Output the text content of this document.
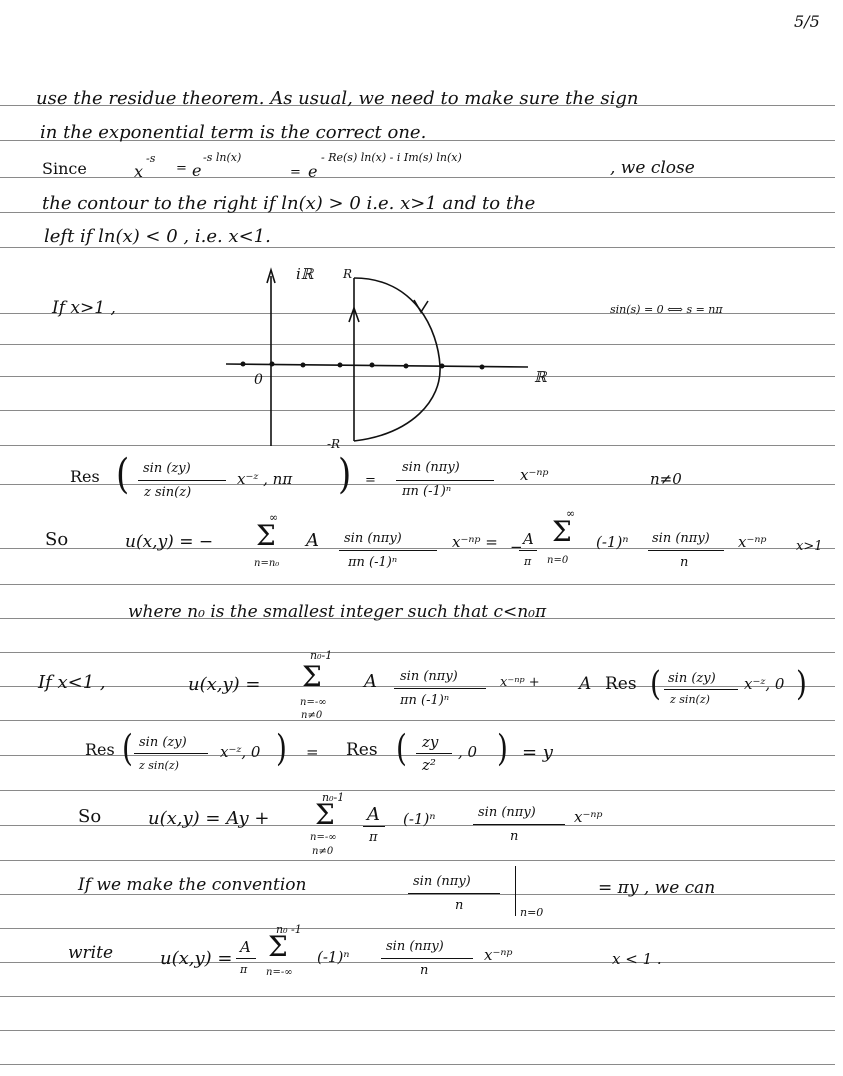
5/5
use the residue theorem. As usual, we need to make sure the sign
in the exponential term is the correct one.
Since	x
-s
= e
-s ln(x)
= e
- Re(s) ln(x) - i Im(s) ln(x)
, we close
the contour to the right if ln(x) > 0 i.e. x>1 and to the
left if ln(x) < 0 , i.e. x<1.
If x>1 ,	sin(s) = 0 ⟺ s = nπ
iℝ
ℝ
0
R
-R
Res ( sin (zy)
z sin(z)
x⁻ᶻ , nπ ) =
sin (nπy)
πn (-1)ⁿ
x⁻ⁿᵖ	n≠0
So	u(x,y) = −
∞
Σ
n=n₀
A sin (nπy)
πn (-1)ⁿ
x⁻ⁿᵖ = − A
π
∞
Σ
n=0
(-1)ⁿ sin (nπy)
n
x⁻ⁿᵖ x>1
where n₀ is the smallest integer such that c<n₀π
If x<1 ,	u(x,y) =
n₀-1
Σ
n=-∞
n≠0
A sin (nπy)
πn (-1)ⁿ
x⁻ⁿᵖ + A Res ( sin (zy)
z sin(z)
x⁻ᶻ, 0 )
Res ( sin (zy)
z sin(z)
x⁻ᶻ, 0 ) = Res ( zy
z²
, 0 ) = y
So	u(x,y) = Ay +
n₀-1
Σ
n=-∞
n≠0
A
π
(-1)ⁿ	sin (nπy)
n
x⁻ⁿᵖ
If we make the convention	sin (nπy)
n	n=0
= πy , we can
write	u(x,y) =
A
π
n₀ -1
Σ
n=-∞
(-1)ⁿ
sin (nπy)
n
x⁻ⁿᵖ	x < 1 .
